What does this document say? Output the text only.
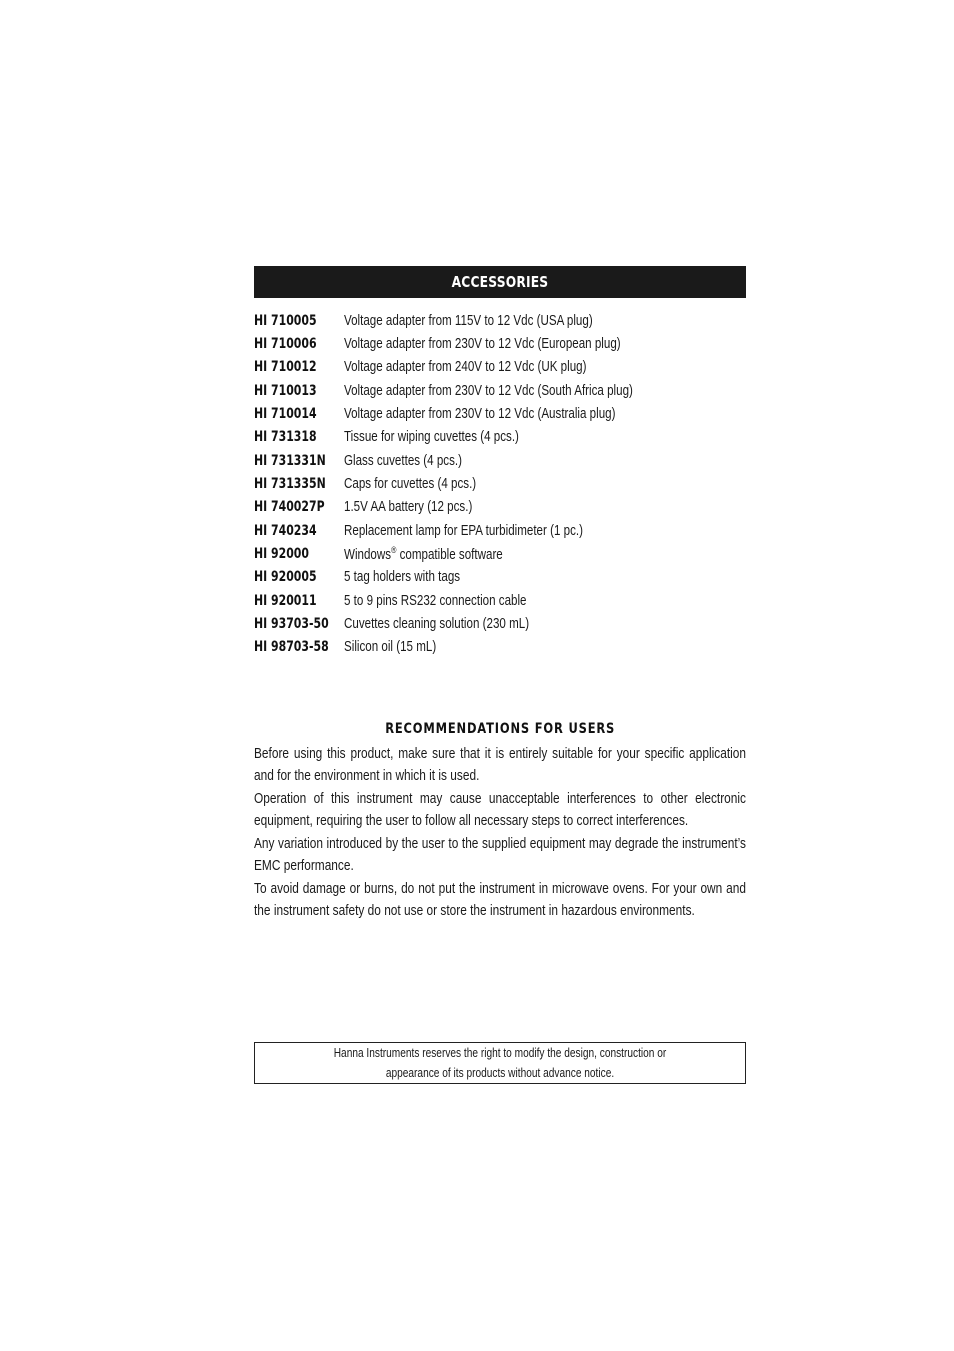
ACCESSORIES
HI 710005	Voltage adapter from 115V to 12 Vdc (USA plug)
HI 710006	Voltage adapter from 230V to 12 Vdc (European plug)
HI 710012	Voltage adapter from 240V to 12 Vdc (UK plug)
HI 710013	Voltage adapter from 230V to 12 Vdc (South Africa plug)
HI 710014	Voltage adapter from 230V to 12 Vdc (Australia plug)
HI 731318	Tissue for wiping cuvettes (4 pcs.)
HI 731331N Glass cuvettes (4 pcs.)
HI 731335N Caps for cuvettes (4 pcs.)
HI 740027P 1.5V AA battery (12 pcs.)
HI 740234	Replacement lamp for EPA turbidimeter (1 pc.)
HI 92000	Windows® compatible software
HI 920005	5 tag holders with tags
HI 920011	5 to 9 pins RS232 connection cable
HI 93703-50 Cuvettes cleaning solution (230 mL)
HI 98703-58 Silicon oil (15 mL)
RECOMMENDATIONS FOR USERS

Before using this product, make sure that it is entirely suitable for your specific application and for the environment in which it is used.

Operation of this instrument may cause unacceptable interferences to other electronic equipment, requiring the user to follow all necessary steps to correct interferences.

Any variation introduced by the user to the supplied equipment may degrade the instrument’s EMC performance.

To avoid damage or burns, do not put the instrument in microwave ovens. For your own and the instrument safety do not use or store the instrument in hazardous environments.

Hanna Instruments reserves the right to modify the design, construction or appearance of its products without advance notice.
